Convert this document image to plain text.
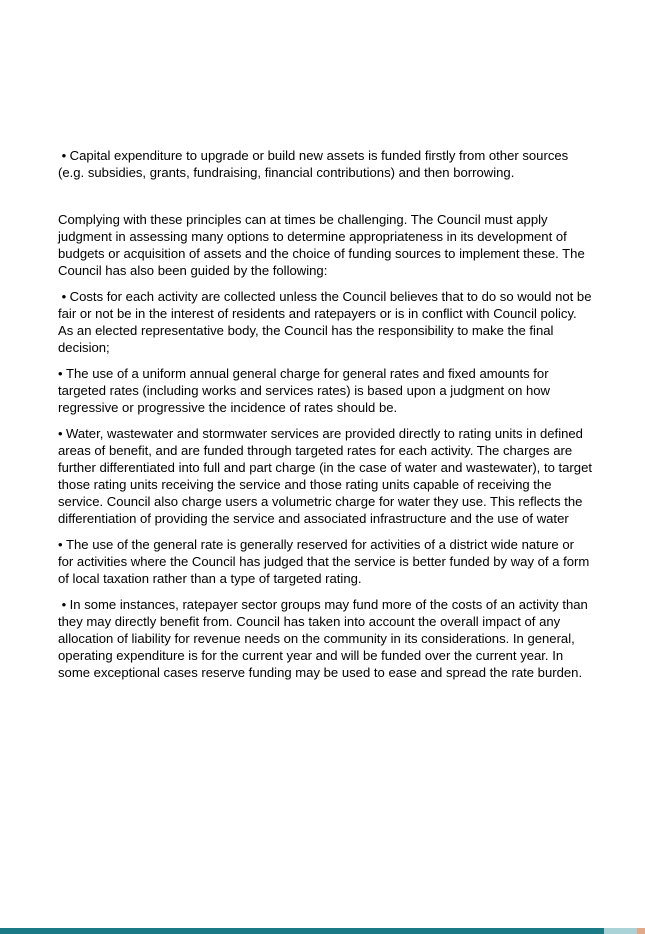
• Capital expenditure to upgrade or build new assets is funded firstly from other sources (e.g. subsidies, grants, fundraising, financial contributions) and then borrowing.

Complying with these principles can at times be challenging. The Council must apply judgment in assessing many options to determine appropriateness in its development of budgets or acquisition of assets and the choice of funding sources to implement these. The Council has also been guided by the following:

• Costs for each activity are collected unless the Council believes that to do so would not be fair or not be in the interest of residents and ratepayers or is in conflict with Council policy. As an elected representative body, the Council has the responsibility to make the final decision;

• The use of a uniform annual general charge for general rates and fixed amounts for targeted rates (including works and services rates) is based upon a judgment on how regressive or progressive the incidence of rates should be.

• Water, wastewater and stormwater services are provided directly to rating units in defined areas of benefit, and are funded through targeted rates for each activity. The charges are further differentiated into full and part charge (in the case of water and wastewater), to target those rating units receiving the service and those rating units capable of receiving the service. Council also charge users a volumetric charge for water they use. This reflects the differentiation of providing the service and associated infrastructure and the use of water

• The use of the general rate is generally reserved for activities of a district wide nature or for activities where the Council has judged that the service is better funded by way of a form of local taxation rather than a type of targeted rating.

• In some instances, ratepayer sector groups may fund more of the costs of an activity than they may directly benefit from. Council has taken into account the overall impact of any allocation of liability for revenue needs on the community in its considerations. In general, operating expenditure is for the current year and will be funded over the current year. In some exceptional cases reserve funding may be used to ease and spread the rate burden.
